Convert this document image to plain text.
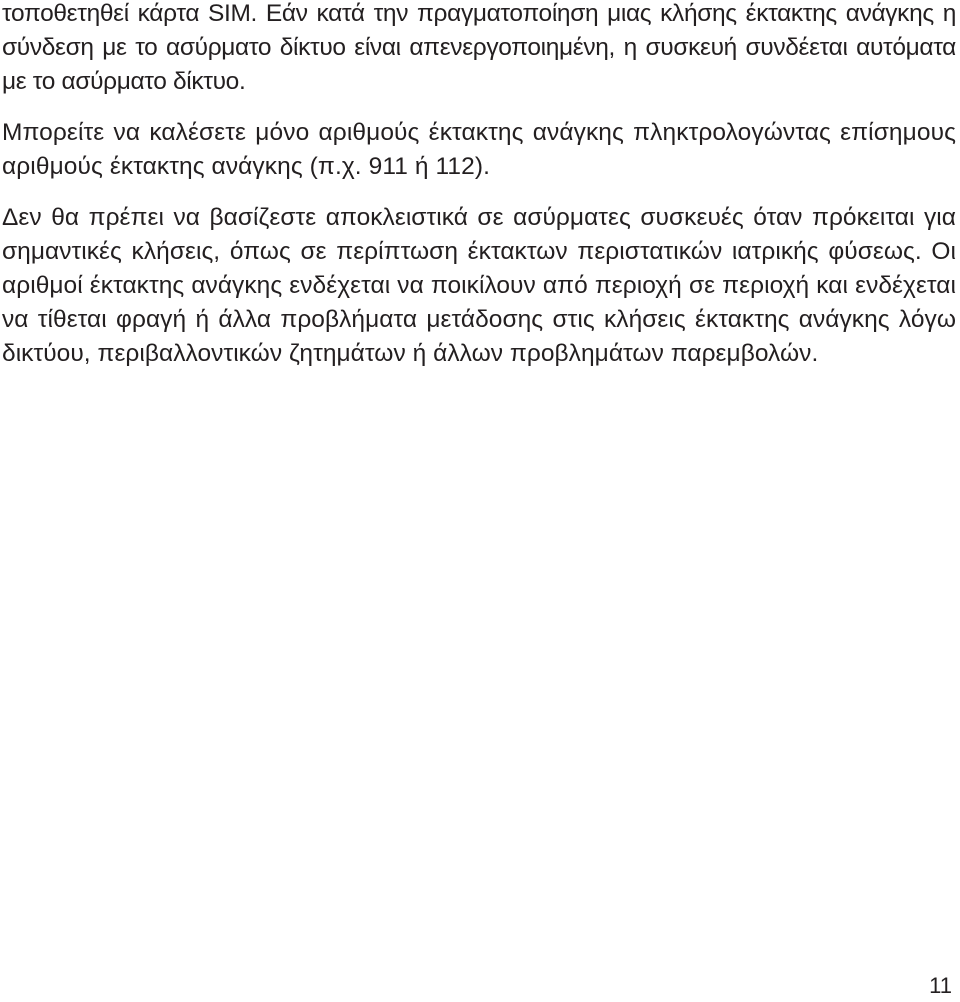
τοποθετηθεί κάρτα SIM. Εάν κατά την πραγματοποίηση μιας κλήσης έκτακτης ανάγκης η σύνδεση με το ασύρματο δίκτυο είναι απενεργοποιημένη, η συσκευή συνδέεται αυτόματα με το ασύρματο δίκτυο.

Μπορείτε να καλέσετε μόνο αριθμούς έκτακτης ανάγκης πληκτρολογώντας επίσημους αριθμούς έκτακτης ανάγκης (π.χ. 911 ή 112).

Δεν θα πρέπει να βασίζεστε αποκλειστικά σε ασύρματες συσκευές όταν πρόκειται για σημαντικές κλήσεις, όπως σε περίπτωση έκτακτων περιστατικών ιατρικής φύσεως. Οι αριθμοί έκτακτης ανάγκης ενδέχεται να ποικίλουν από περιοχή σε περιοχή και ενδέχεται να τίθεται φραγή ή άλλα προβλήματα μετάδοσης στις κλήσεις έκτακτης ανάγκης λόγω δικτύου, περιβαλλοντικών ζητημάτων ή άλλων προβλημάτων παρεμβολών.

11
